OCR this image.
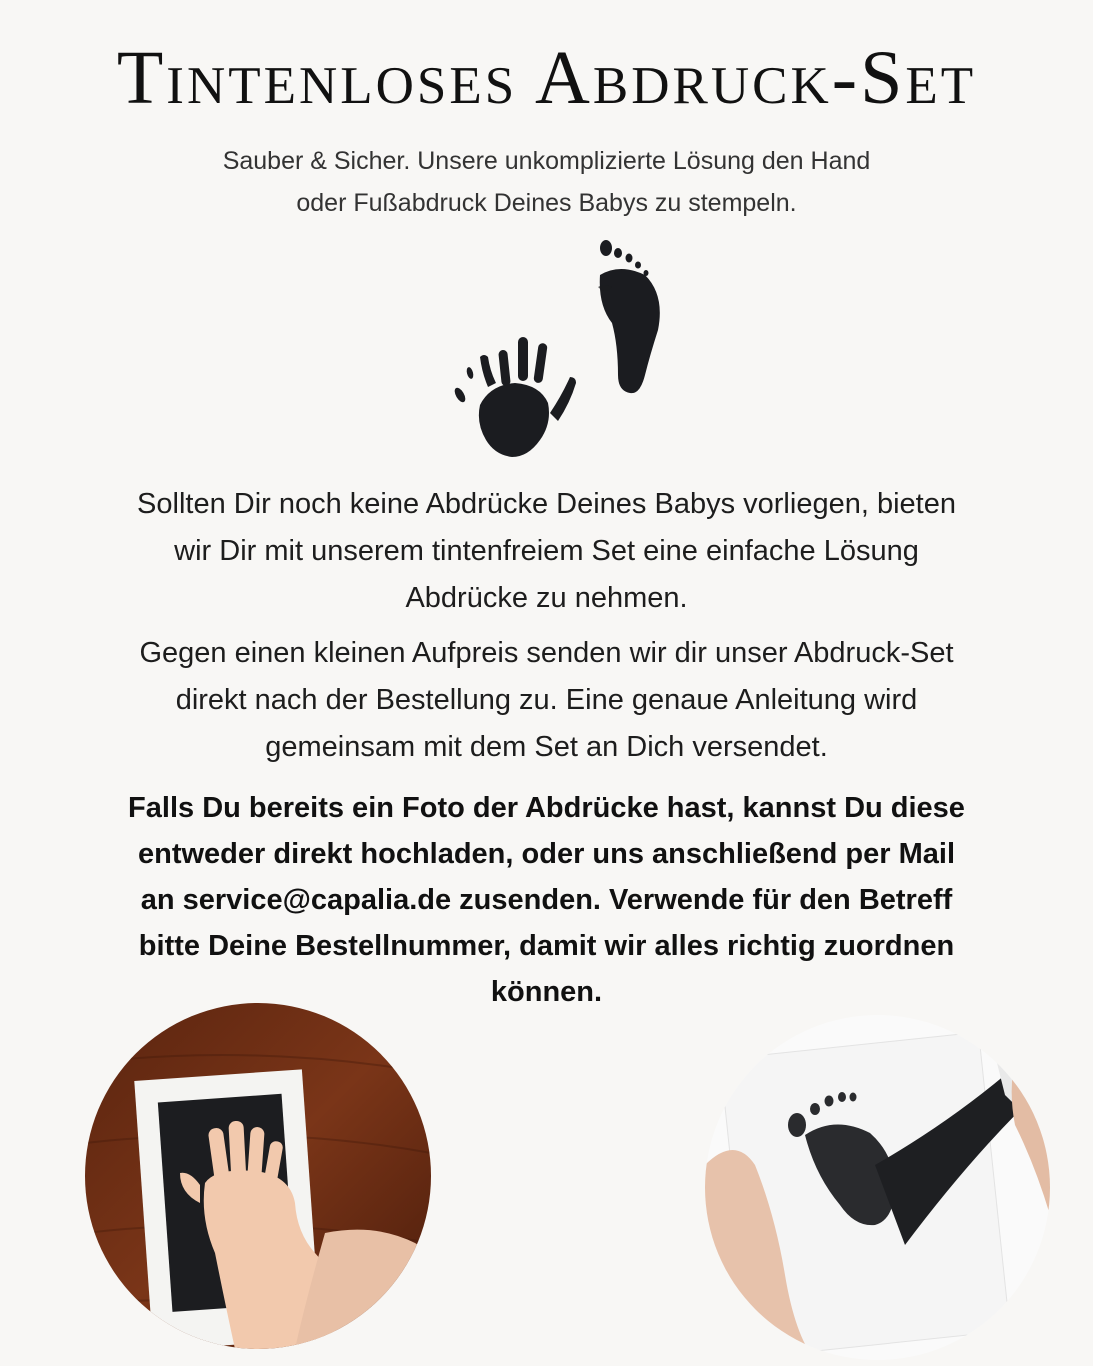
Tintenloses Abdruck-Set

Sauber & Sicher. Unsere unkomplizierte Lösung den Hand
oder Fußabdruck Deines Babys zu stempeln.

Sollten Dir noch keine Abdrücke Deines Babys vorliegen, bieten
wir Dir mit unserem tintenfreiem Set eine einfache Lösung
Abdrücke zu nehmen.

Gegen einen kleinen Aufpreis senden wir dir unser Abdruck-Set
direkt nach der Bestellung zu. Eine genaue Anleitung wird
gemeinsam mit dem Set an Dich versendet.

Falls Du bereits ein Foto der Abdrücke hast, kannst Du diese
entweder direkt hochladen, oder uns anschließend per Mail
an service@capalia.de zusenden. Verwende für den Betreff
bitte Deine Bestellnummer, damit wir alles richtig zuordnen
können.
